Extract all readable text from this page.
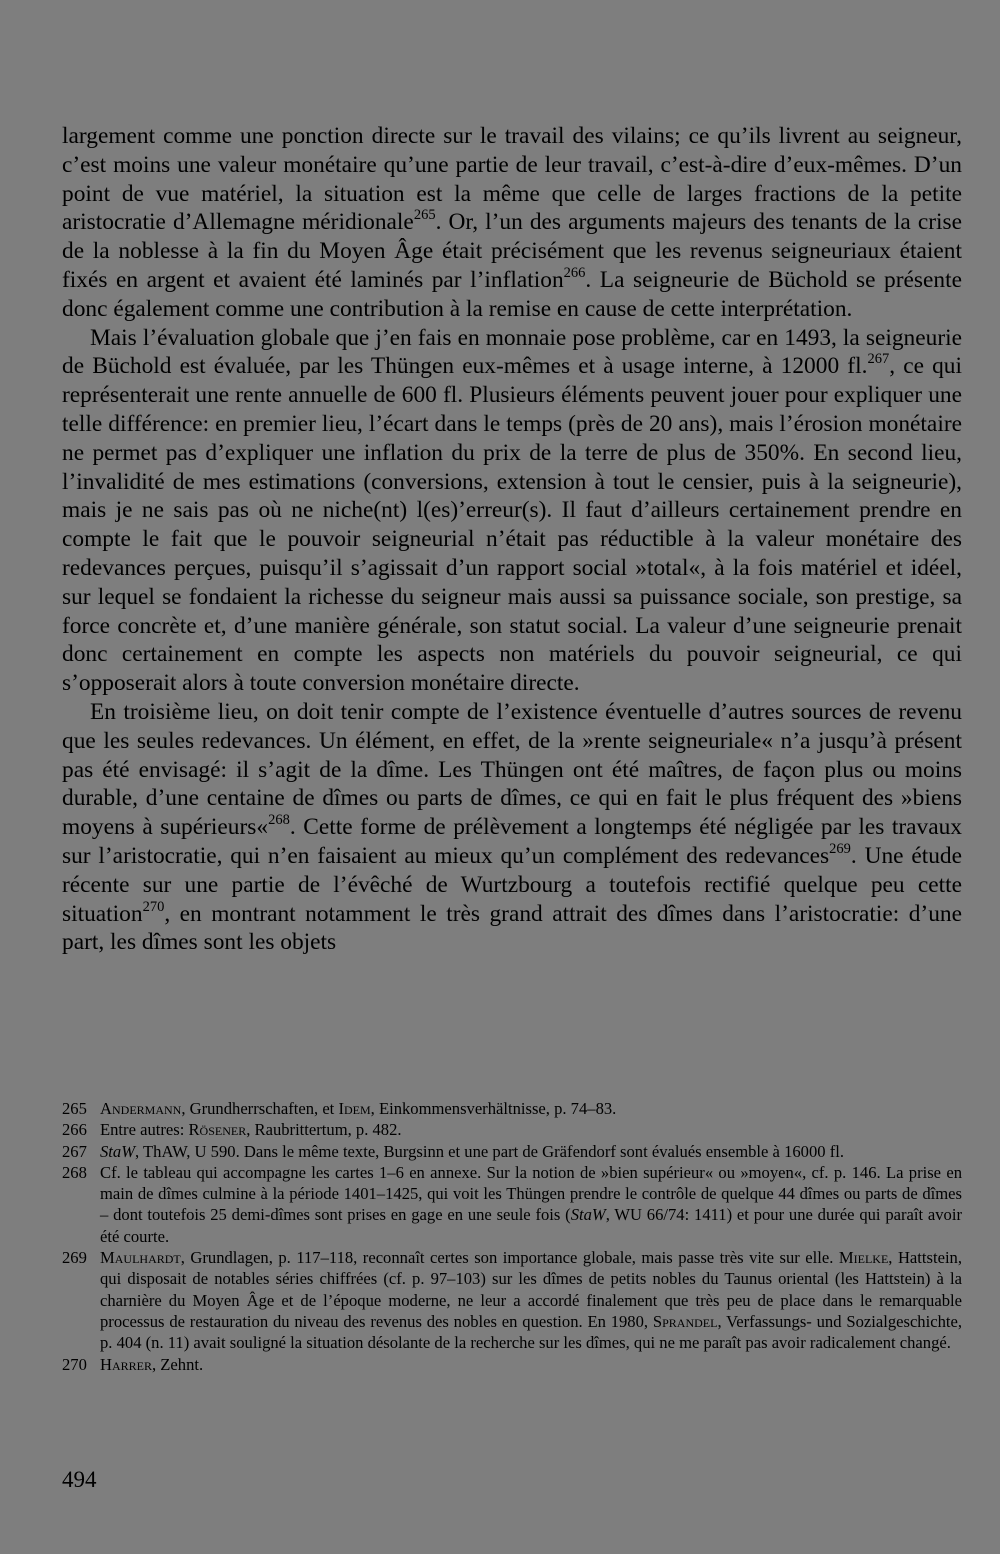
largement comme une ponction directe sur le travail des vilains; ce qu’ils livrent au seigneur, c’est moins une valeur monétaire qu’une partie de leur travail, c’est-à-dire d’eux-mêmes. D’un point de vue matériel, la situation est la même que celle de larges fractions de la petite aristocratie d’Allemagne méridionale$^{265}$. Or, l’un des arguments majeurs des tenants de la crise de la noblesse à la fin du Moyen Âge était précisément que les revenus seigneuriaux étaient fixés en argent et avaient été laminés par l’inflation$^{266}$. La seigneurie de Büchold se présente donc également comme une contribution à la remise en cause de cette interprétation.

Mais l’évaluation globale que j’en fais en monnaie pose problème, car en 1493, la seigneurie de Büchold est évaluée, par les Thüngen eux-mêmes et à usage interne, à 12000 fl.$^{267}$, ce qui représenterait une rente annuelle de 600 fl. Plusieurs éléments peuvent jouer pour expliquer une telle différence: en premier lieu, l’écart dans le temps (près de 20 ans), mais l’érosion monétaire ne permet pas d’expliquer une inflation du prix de la terre de plus de 350%. En second lieu, l’invalidité de mes estimations (conversions, extension à tout le censier, puis à la seigneurie), mais je ne sais pas où ne niche(nt) l(es)’erreur(s). Il faut d’ailleurs certainement prendre en compte le fait que le pouvoir seigneurial n’était pas réductible à la valeur monétaire des redevances perçues, puisqu’il s’agissait d’un rapport social »total«, à la fois matériel et idéel, sur lequel se fondaient la richesse du seigneur mais aussi sa puissance sociale, son prestige, sa force concrète et, d’une manière générale, son statut social. La valeur d’une seigneurie prenait donc certainement en compte les aspects non matériels du pouvoir seigneurial, ce qui s’opposerait alors à toute conversion monétaire directe.

En troisième lieu, on doit tenir compte de l’existence éventuelle d’autres sources de revenu que les seules redevances. Un élément, en effet, de la »rente seigneuriale« n’a jusqu’à présent pas été envisagé: il s’agit de la dîme. Les Thüngen ont été maîtres, de façon plus ou moins durable, d’une centaine de dîmes ou parts de dîmes, ce qui en fait le plus fréquent des »biens moyens à supérieurs«$^{268}$. Cette forme de prélèvement a longtemps été négligée par les travaux sur l’aristocratie, qui n’en faisaient au mieux qu’un complément des redevances$^{269}$. Une étude récente sur une partie de l’évêché de Wurtzbourg a toutefois rectifié quelque peu cette situation$^{270}$, en montrant notamment le très grand attrait des dîmes dans l’aristocratie: d’une part, les dîmes sont les objets

265 Andermann, Grundherrschaften, et Idem, Einkommensverhältnisse, p. 74–83.
266 Entre autres: Rösener, Raubrittertum, p. 482.
267 StaW, ThAW, U 590. Dans le même texte, Burgsinn et une part de Gräfendorf sont évalués ensemble à 16000 fl.
268 Cf. le tableau qui accompagne les cartes 1–6 en annexe. Sur la notion de »bien supérieur« ou »moyen«, cf. p. 146. La prise en main de dîmes culmine à la période 1401–1425, qui voit les Thüngen prendre le contrôle de quelque 44 dîmes ou parts de dîmes – dont toutefois 25 demi-dîmes sont prises en gage en une seule fois (StaW, WU 66/74: 1411) et pour une durée qui paraît avoir été courte.
269 Maulhardt, Grundlagen, p. 117–118, reconnaît certes son importance globale, mais passe très vite sur elle. Mielke, Hattstein, qui disposait de notables séries chiffrées (cf. p. 97–103) sur les dîmes de petits nobles du Taunus oriental (les Hattstein) à la charnière du Moyen Âge et de l’époque moderne, ne leur a accordé finalement que très peu de place dans le remarquable processus de restauration du niveau des revenus des nobles en question. En 1980, Sprandel, Verfassungs- und Sozialgeschichte, p. 404 (n. 11) avait souligné la situation désolante de la recherche sur les dîmes, qui ne me paraît pas avoir radicalement changé.
270 Harrer, Zehnt.
494
